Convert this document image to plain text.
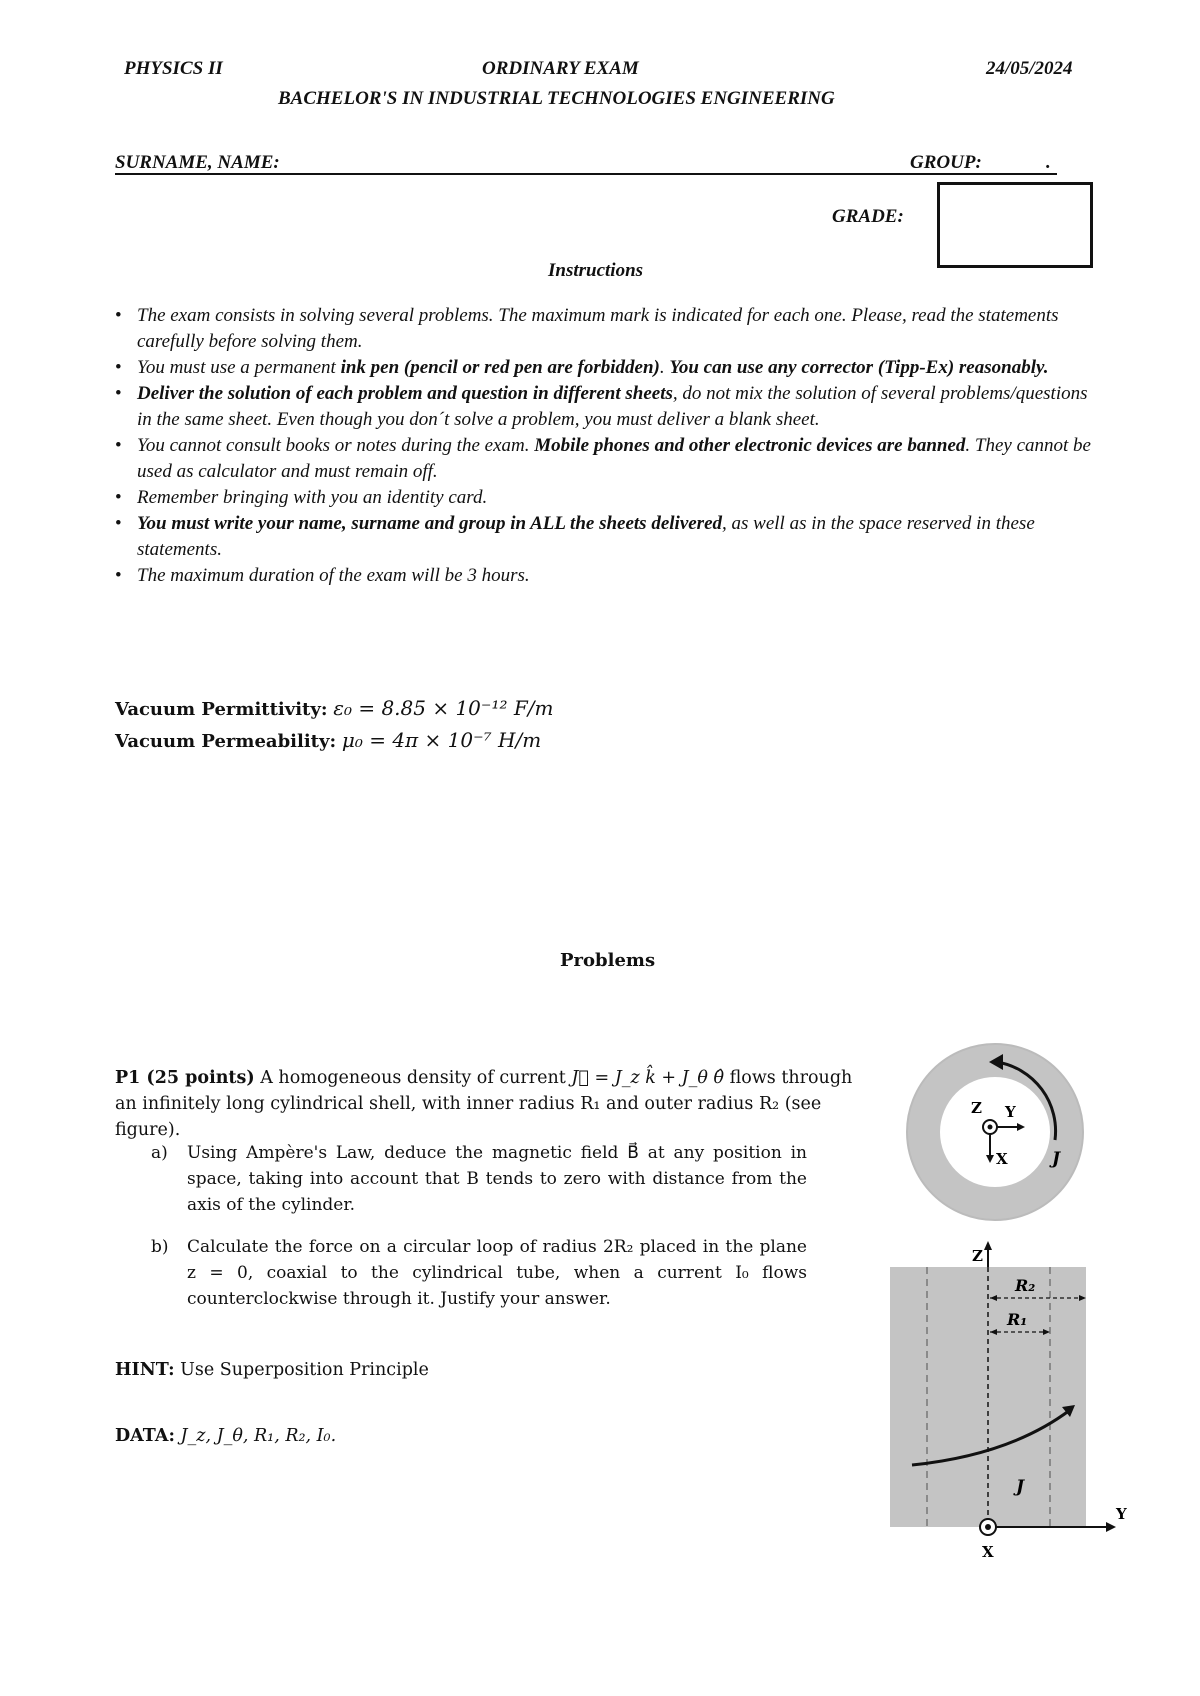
PHYSICS II	ORDINARY EXAM	24/05/2024
BACHELOR'S IN INDUSTRIAL TECHNOLOGIES ENGINEERING
SURNAME, NAME:	GROUP:	.
GRADE:
Instructions
• The exam consists in solving several problems. The maximum mark is indicated for each one. Please, read the statements carefully before solving them.
• You must use a permanent ink pen (pencil or red pen are forbidden). You can use any corrector (Tipp-Ex) reasonably.
• Deliver the solution of each problem and question in different sheets, do not mix the solution of several problems/questions in the same sheet. Even though you don´t solve a problem, you must deliver a blank sheet.
• You cannot consult books or notes during the exam. Mobile phones and other electronic devices are banned. They cannot be used as calculator and must remain off.
• Remember bringing with you an identity card.
• You must write your name, surname and group in ALL the sheets delivered, as well as in the space reserved in these statements.
• The maximum duration of the exam will be 3 hours.
Vacuum Permittivity: ε₀ = 8.85 × 10⁻¹² F/m
Vacuum Permeability: μ₀ = 4π × 10⁻⁷ H/m
Problems
P1 (25 points) A homogeneous density of current J⃗ = J_z k̂ + J_θ θ̂ flows through an infinitely long cylindrical shell, with inner radius R₁ and outer radius R₂ (see figure).
a) Using Ampère's Law, deduce the magnetic field B⃗ at any position in space, taking into account that B tends to zero with distance from the axis of the cylinder.
b) Calculate the force on a circular loop of radius 2R₂ placed in the plane z = 0, coaxial to the cylindrical tube, when a current I₀ flows counterclockwise through it. Justify your answer.
HINT: Use Superposition Principle
DATA: J_z, J_θ, R₁, R₂, I₀.
Z Y
X	J
Z
R₂
R₁
J
Y
X
